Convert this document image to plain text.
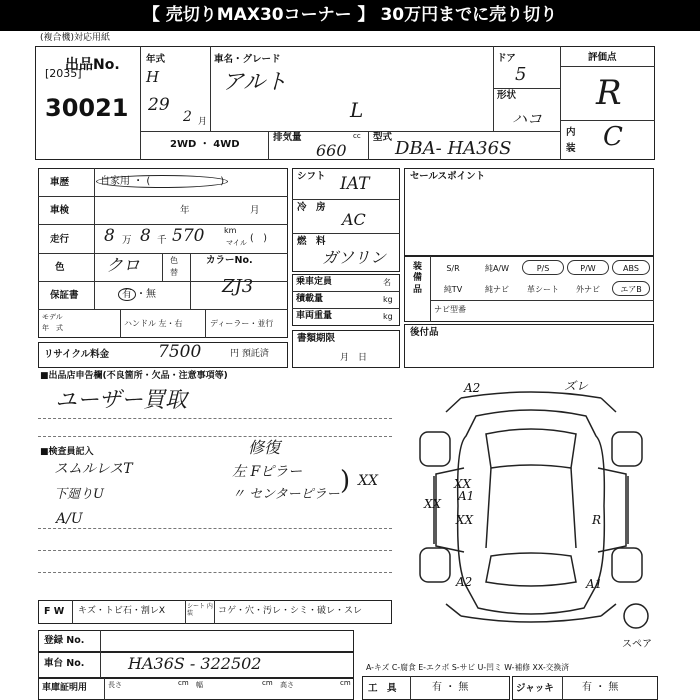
【 売切りMAX30コーナー 】 30万円までに売り切り
(複合機)対応用紙
出品No.
[2035]
30021
年式
H
29
2 月
車名・グレード
アルト
L
ドア
5
形状
ハコ
評価点
R
内
装 C
2WD ・ 4WD
排気量	cc
660
型式
DBA- HA36S
車歴	自家用 ・ (　　　　　　　)
車検	年	月
走行 8 万 8 千 570 km
マイル (　)
色 クロ	色
替
保証書	有 ・無
モデル
年　式	ハンドル 左・右	ディーラー・並行
カラーNo.
ZJ3
リサイクル料金	7500	円 預託済
シフト IAT
冷　房
AC
燃　料
ガソリン
乗車定員	名
積載量	kg
車両重量	kg
書類期限
月　日
セールスポイント
装　備　品
S/R	純A/W	P/S	P/W	ABS
純TV	純ナビ	革シート	外ナビ	エアB
ナビ型番
後付品
■出品店申告欄(不良箇所・欠品・注意事項等)
ユーザー買取
■検査員記入
スムルレスT
下廻りU
A/U
修復
左 Fピラー
〃 センターピラー ) XX
A2	ズレ
A1
XX
XX
XX
R
A2	A1
スペア
F W キズ・トビ石・割レX	シート 内装	コゲ・穴・汚レ・シミ・破レ・スレ
登録 No.
車台 No.	HA36S - 322502
車庫証明用	長さ	cm 幅	cm 高さ	cm
A-キズ C-腐食 E-エクボ S-サビ U-凹ミ W-補修 XX-交換済
工　具	有 ・ 無	ジャッキ	有 ・ 無
